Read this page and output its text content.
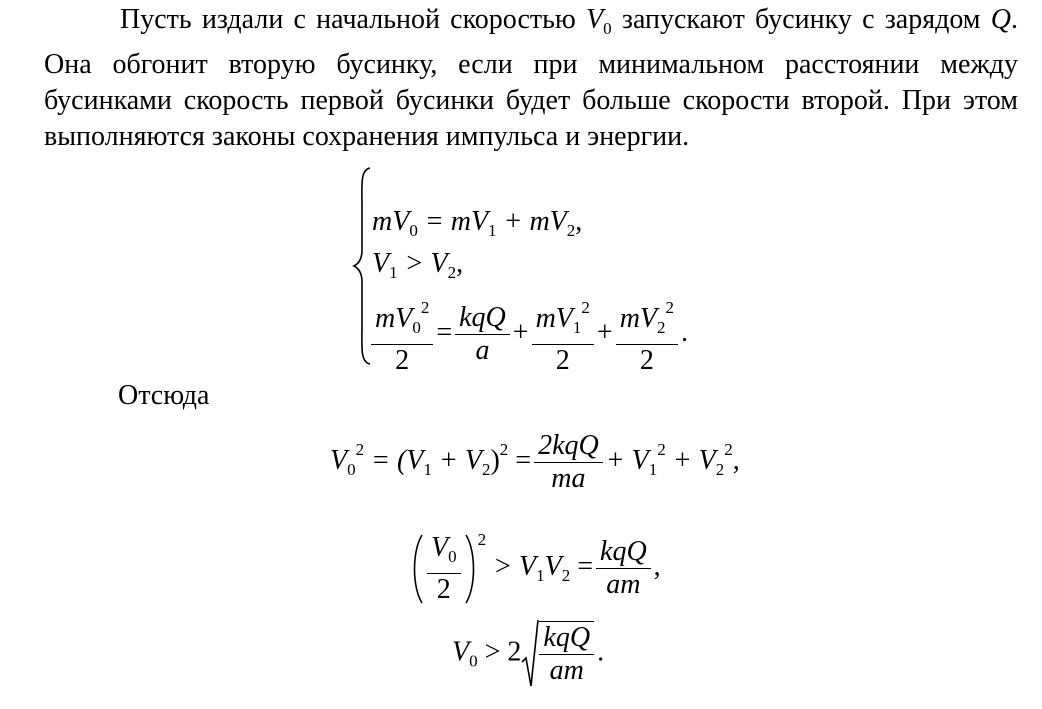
Пусть издали с начальной скоростью $V_0$ запускают бусинку с зарядом Q. Она обгонит вторую бусинку, если при минимальном расстоянии между бусинками скорость первой бусинки будет больше скорости второй. При этом выполняются законы сохранения импульса и энергии.
$mV_0 = mV_1 + mV_2$,
$V_1 > V_2$,
$\frac{mV_0^2}{2} = \frac{\text{kqQ}}{a} + \frac{mV_1^2}{2} + \frac{mV_2^2}{2}$ .
Отсюда
$V_0^2 = (V_1 + V_2)^2 = \frac{\text{2kqQ}}{ma} + V_1^2 + V_2^2$,
$\frac{V_0}{2} ^2 > V_1V_2 = \frac{\text{kqQ}}{am}$ ,
$V_0 > 2 \frac{\text{kqQ}}{am}$ .
